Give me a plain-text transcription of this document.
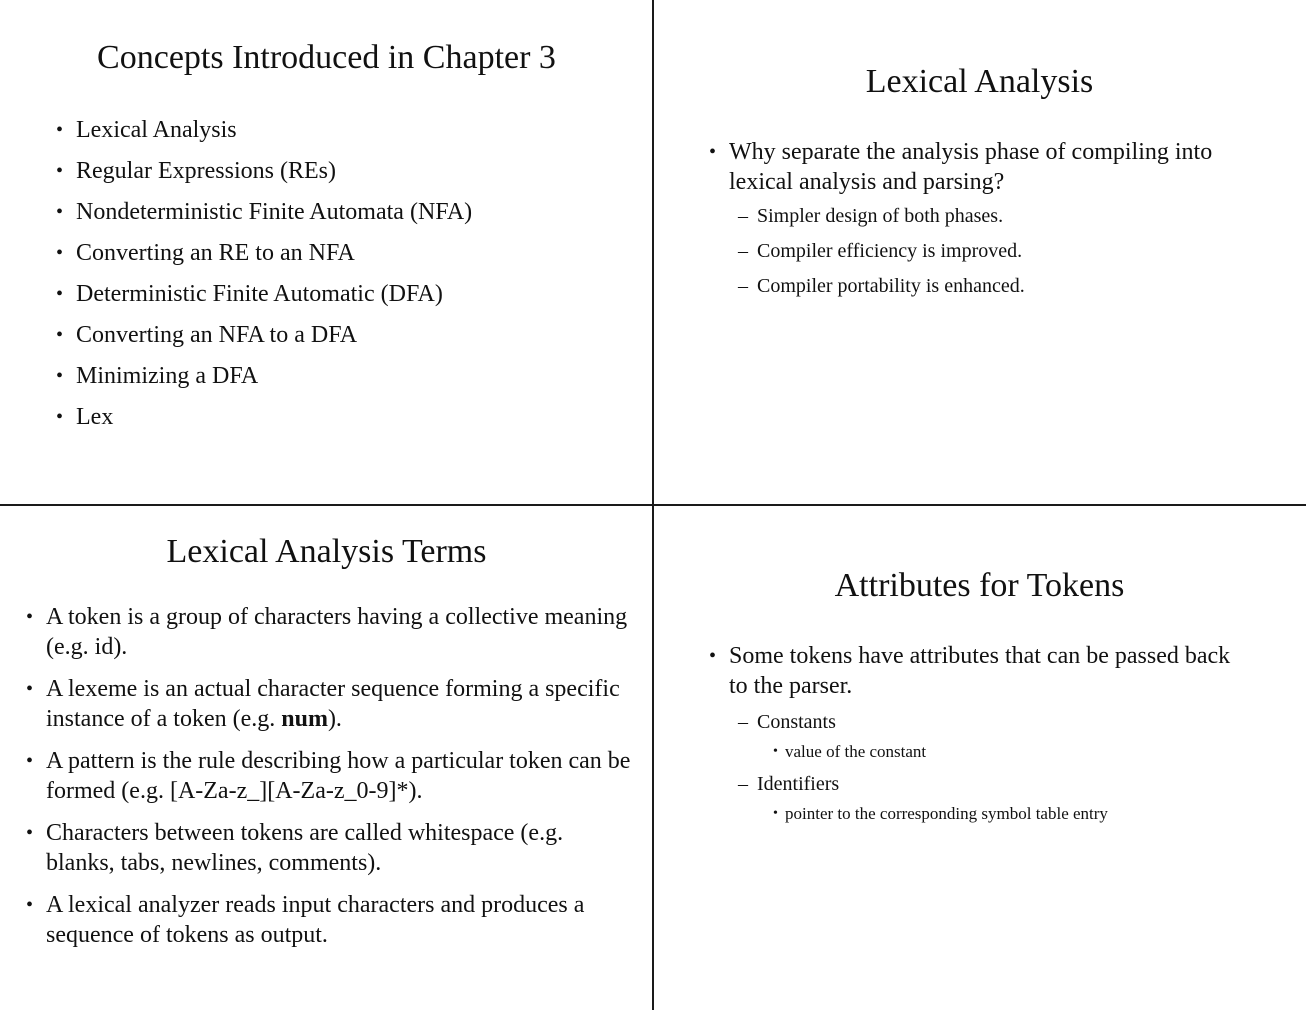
Concepts Introduced in Chapter 3
• Lexical Analysis
• Regular Expressions (REs)
• Nondeterministic Finite Automata (NFA)
• Converting an RE to an NFA
• Deterministic Finite Automatic (DFA)
• Converting an NFA to a DFA
• Minimizing a DFA
• Lex
Lexical Analysis
• Why separate the analysis phase of compiling into lexical analysis and parsing?
– Simpler design of both phases.
– Compiler efficiency is improved.
– Compiler portability is enhanced.
Lexical Analysis Terms
• A token is a group of characters having a collective meaning (e.g. id).
• A lexeme is an actual character sequence forming a specific instance of a token (e.g. num).
• A pattern is the rule describing how a particular token can be formed (e.g. [A-Za-z_][A-Za-z_0-9]*).
• Characters between tokens are called whitespace (e.g. blanks, tabs, newlines, comments).
• A lexical analyzer reads input characters and produces a sequence of tokens as output.
Attributes for Tokens
• Some tokens have attributes that can be passed back to the parser.
– Constants
• value of the constant
– Identifiers
• pointer to the corresponding symbol table entry
